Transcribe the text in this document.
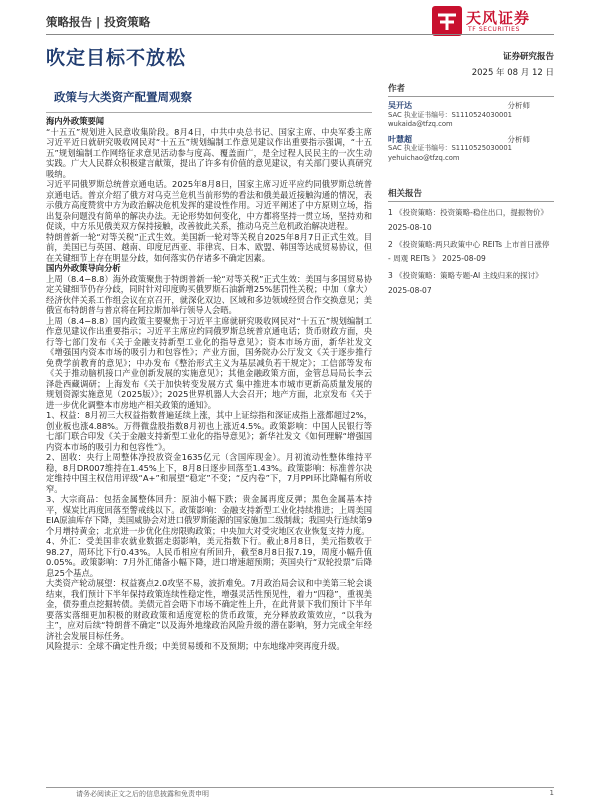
策略报告 | 投资策略	天风证券
TF SECURITIES
吹定目标不放松	证券研究报告
2025 年 08 月 12 日
政策与大类资产配置周观察

海内外政策要闻

“十五五”规划进入民意收集阶段。8月4日，中共中央总书记、国家主席、中央军委主席习近平近日就研究吸收网民对“十五五”规划编制工作意见建议作出重要指示强调，“十五五”规划编制工作网络征求意见活动参与度高、覆盖面广，是全过程人民民主的一次生动实践。广大人民群众积极建言献策，提出了许多有价值的意见建议，有关部门要认真研究吸纳。

习近平同俄罗斯总统普京通电话。2025年8月8日，国家主席习近平应约同俄罗斯总统普京通电话。普京介绍了俄方对乌克兰危机当前形势的看法和俄美最近接触沟通的情况，表示俄方高度赞赏中方为政治解决危机发挥的建设性作用。习近平阐述了中方原则立场，指出复杂问题没有简单的解决办法。无论形势如何变化，中方都将坚持一贯立场，坚持劝和促谈，中方乐见俄美双方保持接触，改善彼此关系，推动乌克兰危机政治解决进程。

特朗普新一轮“对等关税”正式生效。美国新一轮对等关税自2025年8月7日正式生效。目前，美国已与英国、越南、印度尼西亚、菲律宾、日本、欧盟、韩国等达成贸易协议，但在关键细节上存在明显分歧，如何落实仍存诸多不确定因素。

国内外政策导向分析

上周（8.4−8.8）海外政策聚焦于特朗普新一轮“对等关税”正式生效：美国与多国贸易协定关键细节仍存分歧，同时针对印度购买俄罗斯石油新增25%惩罚性关税；中加（拿大）经济伙伴关系工作组会议在京召开，就深化双边、区域和多边领域经贸合作交换意见；美俄宣布特朗普与普京将在阿拉斯加举行领导人会晤。

上周（8.4−8.8）国内政策主要聚焦于习近平主席就研究吸收网民对“十五五”规划编制工作意见建议作出重要指示；习近平主席应约同俄罗斯总统普京通电话；货币财政方面，央行等七部门发布《关于金融支持新型工业化的指导意见》；资本市场方面，新华社发文《增强国内资本市场的吸引力和包容性》；产业方面，国务院办公厅发文《关于逐步推行免费学前教育的意见》；中办发布《整治形式主义为基层减负若干规定》；工信部等发布《关于推动脑机接口产业创新发展的实施意见》；其他金融政策方面，金管总局局长李云泽赴西藏调研；上海发布《关于加快转变发展方式 集中推进本市城市更新高质量发展的规划资源实施意见（2025版）》；2025世界机器人大会召开；地产方面，北京发布《关于进一步优化调整本市房地产相关政策的通知》。

1、权益：8月初三大权益指数普遍延续上涨，其中上证综指和深证成指上涨都超过2%，创业板也涨4.88%。万得微盘股指数8月初也上涨近4.5%。政策影响：中国人民银行等七部门联合印发《关于金融支持新型工业化的指导意见》；新华社发文《如何理解“增强国内资本市场的吸引力和包容性”》。

2、固收：央行上周整体净投放资金1635亿元（含国库现金）。月初流动性整体维持平稳，8月DR007维持在1.45%上下，8月8日逐步回落至1.43%。政策影响：标准普尔决定维持中国主权信用评级“A+”和展望“稳定”不变；“反内卷”下，7月PPI环比降幅有所收窄。

3、大宗商品：包括金属整体回升：原油小幅下跌；贵金属再度反弹；黑色金属基本持平，煤炭比再度回落至警戒线以下。政策影响：金融支持新型工业化持续推进；上周美国EIA原油库存下降，美国威胁会对进口俄罗斯能源的国家施加二级制裁；我国央行连续第9个月增持黄金；北京进一步优化住房限购政策；中央加大对受灾地区农业恢复支持力度。

4、外汇：受美国非农就业数据走弱影响，美元指数下行。截止8月8日，美元指数收于98.27，周环比下行0.43%。人民币相应有所回升，截至8月8日报7.19，周度小幅升值0.05%。政策影响：7月外汇储备小幅下降，进口增速超预期；英国央行“双轮投票”后降息25个基点。

大类资产轮动展望：权益赛点2.0攻坚不易，波折难免。7月政治局会议和中美第三轮会谈结束，我们预计下半年保持政策连续性稳定性，增强灵活性预见性，着力“四稳”，重视美金，债券重点挖掘转债。美债元首会晤下市场不确定性上升，在此背景下我们预计下半年要落实落细更加积极的财政政策和适度宽松的货币政策，充分释放政策效应，“以我为主”，应对后续“特朗普不确定”以及海外地缘政治风险升级的潜在影响，努力完成全年经济社会发展目标任务。

风险提示：全球不确定性升级；中美贸易缓和不及预期；中东地缘冲突再度升级。

作者
吴开达	分析师
SAC 执业证书编号：S1110524030001
wukaida@tfzq.com
叶慧超	分析师
SAC 执业证书编号：S1110525030001
yehuichao@tfzq.com
相关报告
1 《投资策略：投资策略-稳住出口，提振物价》 2025-08-10
2 《投资策略:两只政策中心 REITs 上市首日涨停 - 周观 REITs 》 2025-08-09
3 《投资策略：策略专题-AI 主线归来的探讨》 2025-08-07
请务必阅读正文之后的信息披露和免责申明	1
